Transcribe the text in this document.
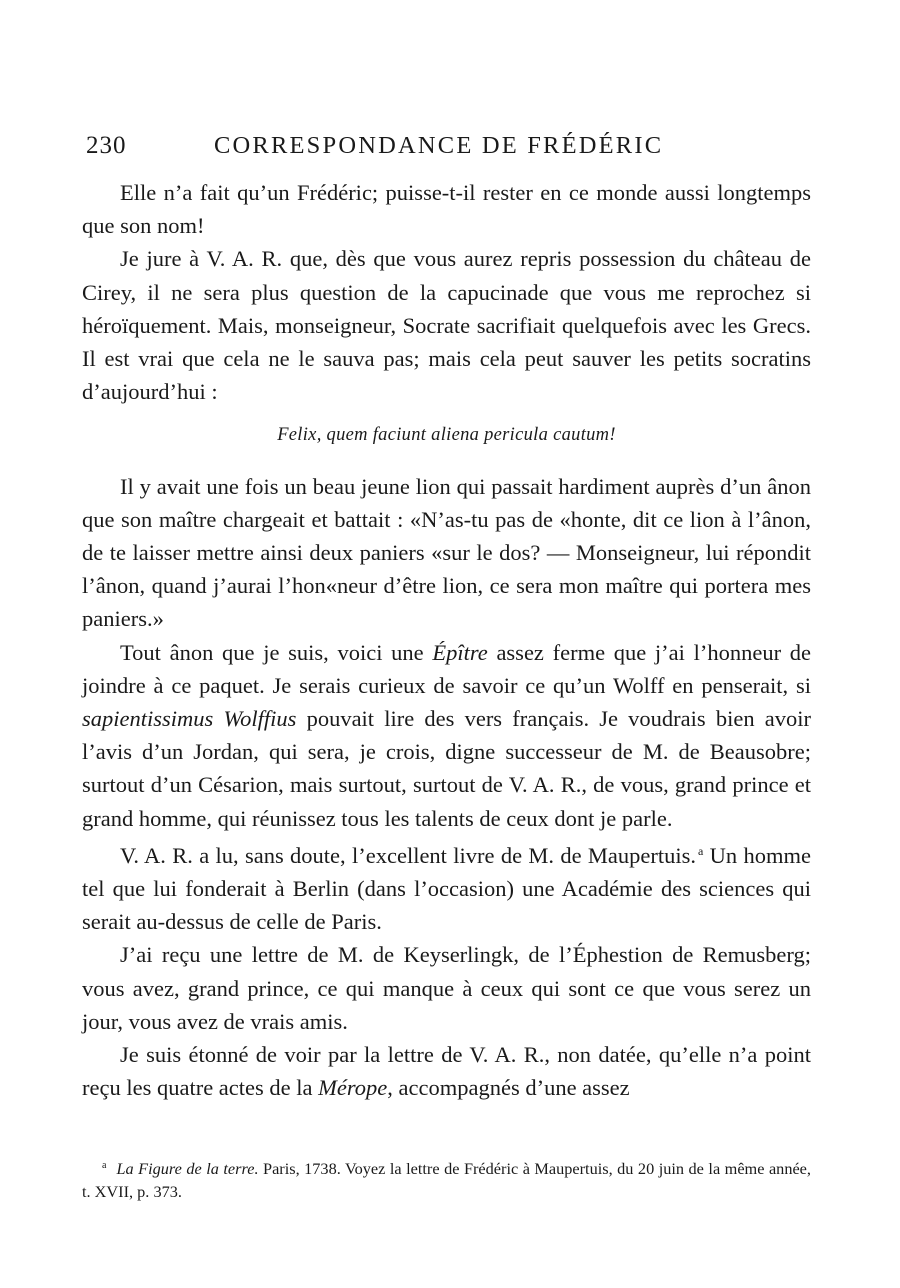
230	CORRESPONDANCE DE FRÉDÉRIC

Elle n’a fait qu’un Frédéric; puisse-t-il rester en ce monde aussi longtemps que son nom!

Je jure à V. A. R. que, dès que vous aurez repris possession du château de Cirey, il ne sera plus question de la capucinade que vous me reprochez si héroïquement. Mais, monseigneur, Socrate sacrifiait quelquefois avec les Grecs. Il est vrai que cela ne le sauva pas; mais cela peut sauver les petits socratins d’aujourd’hui :

Felix, quem faciunt aliena pericula cautum!

Il y avait une fois un beau jeune lion qui passait hardiment auprès d’un ânon que son maître chargeait et battait : «N’as-tu pas de «honte, dit ce lion à l’ânon, de te laisser mettre ainsi deux paniers «sur le dos? — Monseigneur, lui répondit l’ânon, quand j’aurai l’hon«neur d’être lion, ce sera mon maître qui portera mes paniers.»

Tout ânon que je suis, voici une Épître assez ferme que j’ai l’honneur de joindre à ce paquet. Je serais curieux de savoir ce qu’un Wolff en penserait, si sapientissimus Wolffius pouvait lire des vers français. Je voudrais bien avoir l’avis d’un Jordan, qui sera, je crois, digne successeur de M. de Beausobre; surtout d’un Césarion, mais surtout, surtout de V. A. R., de vous, grand prince et grand homme, qui réunissez tous les talents de ceux dont je parle.

V. A. R. a lu, sans doute, l’excellent livre de M. de Maupertuis. $^a$ Un homme tel que lui fonderait à Berlin (dans l’occasion) une Académie des sciences qui serait au-dessus de celle de Paris.

J’ai reçu une lettre de M. de Keyserlingk, de l’Éphestion de Remusberg; vous avez, grand prince, ce qui manque à ceux qui sont ce que vous serez un jour, vous avez de vrais amis.

Je suis étonné de voir par la lettre de V. A. R., non datée, qu’elle n’a point reçu les quatre actes de la Mérope, accompagnés d’une assez

$^a$ La Figure de la terre. Paris, 1738. Voyez la lettre de Frédéric à Maupertuis, du 20 juin de la même année, t. XVII, p. 373.
